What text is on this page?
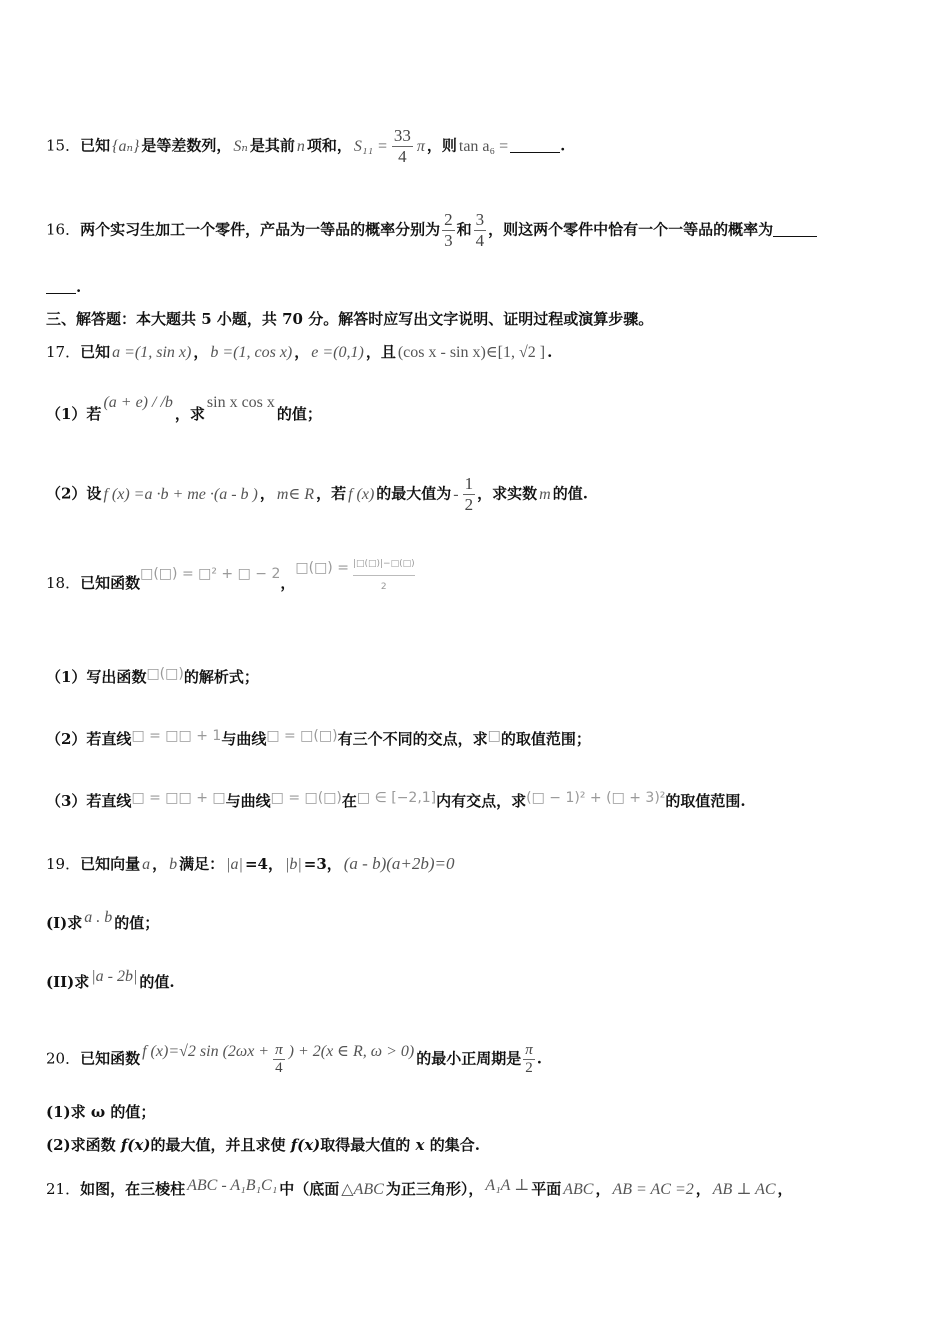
15．已知 {aₙ} 是等差数列， Sₙ 是其前 n 项和， $S_{11} = \frac{33}{4}$ π ，则 tan a₆ =	.
16．两个实习生加工一个零件，产品为一等品的概率分别为 $\frac{2}{3}$ 和 $\frac{3}{4}$ ，则这两个零件中恰有一个一等品的概率为
.
三、解答题：本大题共 5 小题，共 70 分。解答时应写出文字说明、证明过程或演算步骤。
17．已知 a =(1, sin x) ， b =(1, cos x) ， e =(0,1) ，且 (cos x - sin x)∈[1, √2 ] .
（1）若(a + e) / /b，求sin x cos x的值；
（2）设 f (x) =a ·b + me ·(a - b ) ， m∈ R ，若 f (x) 的最大值为 - $\frac{1}{2}$ ，求实数 m 的值.
18．已知函数□(□) = □² + □ − 2，□(□) = |□(□)|−□(□)
2
（1）写出函数□(□)的解析式；
（2）若直线□ = □□ + 1与曲线□ = □(□)有三个不同的交点，求□的取值范围；
（3）若直线□ = □□ + □与曲线□ = □(□)在□ ∈ [−2,1]内有交点，求(□ − 1)² + (□ + 3)²的取值范围.
19．已知向量 a ， b 满足： |a| =4， |b| =3， (a - b)(a+2b)=0
(I)求 a . b 的值；
(II)求 |a - 2b| 的值.
20．已知函数 f (x)=√2 $\sin (2\omega x + \frac{\pi}{4}$ ) + 2(x ∈ R, ω > 0) 的最小正周期是 $\frac{\pi}{2}$ .
(1)求 ω 的值；
(2)求函数 f(x)的最大值，并且求使 f(x)取得最大值的 x 的集合.
21．如图，在三棱柱 ABC - A₁B₁C₁ 中（底面 △ABC 为正三角形）， A₁A ⊥ 平面 ABC ， AB = AC =2 ， AB ⊥ AC ，
